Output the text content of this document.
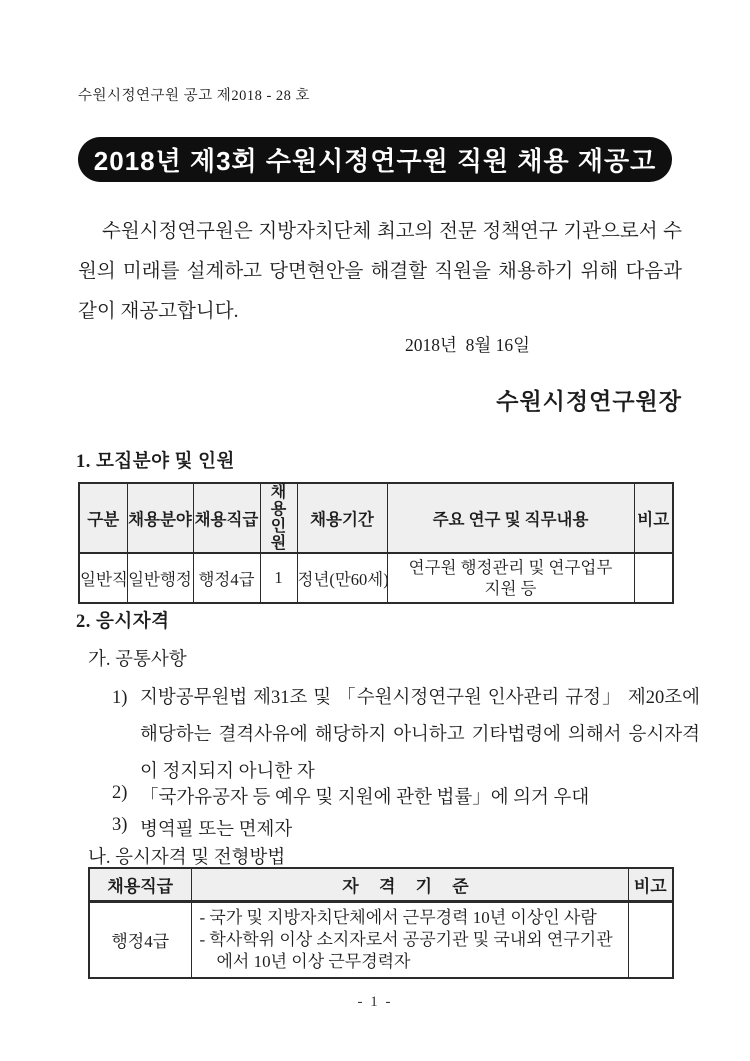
수원시정연구원 공고 제2018 - 28 호
2018년 제3회 수원시정연구원 직원 채용 재공고

수원시정연구원은 지방자치단체 최고의 전문 정책연구 기관으로서 수원의 미래를 설계하고 당면현안을 해결할 직원을 채용하기 위해 다음과 같이 재공고합니다.

2018년  8월 16일
수원시정연구원장
1. 모집분야 및 인원
구분	채용분야	채용직급	채용인원	채용기간	주요 연구 및 직무내용	비고
일반직	일반행정	행정4급	1	정년(만60세)	연구원 행정관리 및 연구업무 지원 등	
2. 응시자격
가. 공통사항
1) 지방공무원법 제31조 및 「수원시정연구원 인사관리 규정」 제20조에 해당하는 결격사유에 해당하지 아니하고 기타법령에 의해서 응시자격이 정지되지 아니한 자
2) 「국가유공자 등 예우 및 지원에 관한 법률」에 의거 우대
3) 병역필 또는 면제자
나. 응시자격 및 전형방법
채용직급	자 격 기 준	비고
행정4급	- 국가 및 지방자치단체에서 근무경력 10년 이상인 사람
- 학사학위 이상 소지자로서 공공기관 및 국내외 연구기관에서 10년 이상 근무경력자	

- 1 -
